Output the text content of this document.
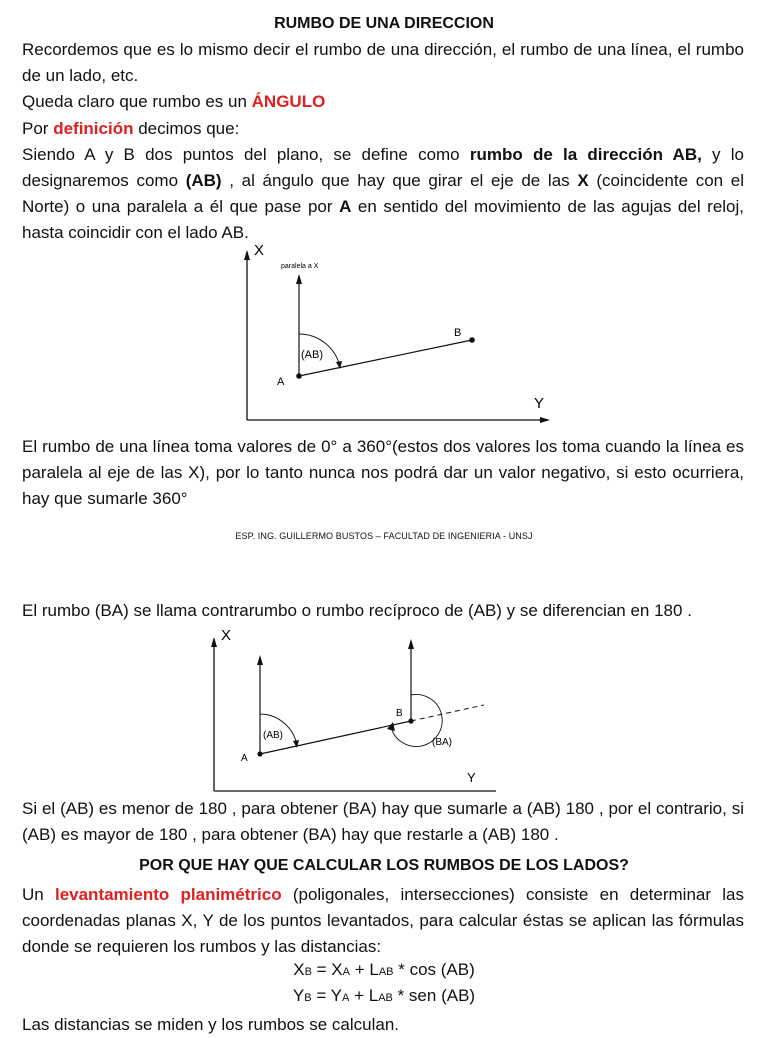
RUMBO DE UNA DIRECCION
Recordemos que es lo mismo decir el rumbo de una dirección, el rumbo de una línea, el rumbo de un lado, etc.
Queda claro que rumbo es un ÁNGULO
Por definición decimos que:
Siendo A y B dos puntos del plano, se define como rumbo de la dirección AB, y lo designaremos como (AB) , al ángulo que hay que girar el eje de las X (coincidente con el Norte) o una paralela a él que pase por A en sentido del movimiento de las agujas del reloj, hasta coincidir con el lado AB.
X
Y
paralela a X
A
B
(AB)
El rumbo de una línea toma valores de 0° a 360°(estos dos valores los toma cuando la línea es paralela al eje de las X), por lo tanto nunca nos podrá dar un valor negativo, si esto ocurriera, hay que sumarle 360°
ESP. ING. GUILLERMO BUSTOS – FACULTAD DE INGENIERIA - UNSJ
El rumbo (BA) se llama contrarumbo o rumbo recíproco de (AB) y se diferencian en 180 .
X
Y
A
B
(AB)
(BA)
Si el (AB) es menor de 180 , para obtener (BA) hay que sumarle a (AB) 180 , por el contrario, si (AB) es mayor de 180 , para obtener (BA) hay que restarle a (AB) 180 .
POR QUE HAY QUE CALCULAR LOS RUMBOS DE LOS LADOS?
Un levantamiento planimétrico (poligonales, intersecciones) consiste en determinar las coordenadas planas X, Y de los puntos levantados, para calcular éstas se aplican las fórmulas donde se requieren los rumbos y las distancias:
XB = XA + LAB * cos (AB)
YB = YA + LAB * sen (AB)
Las distancias se miden y los rumbos se calculan.
